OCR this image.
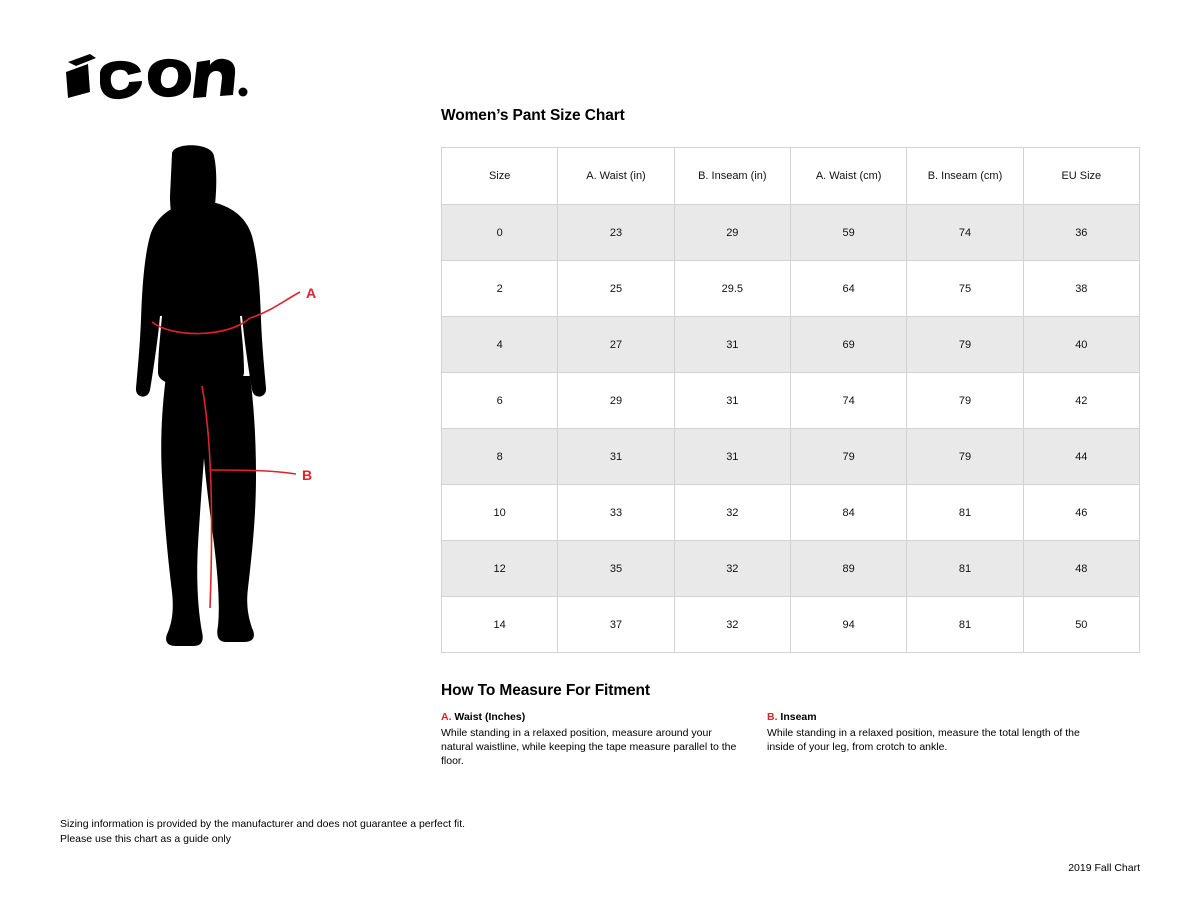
A
B
Women’s Pant Size Chart
Size	A. Waist (in)	B. Inseam (in)	A. Waist (cm)	B. Inseam (cm)	EU Size
0	23	29	59	74	36
2	25	29.5	64	75	38
4	27	31	69	79	40
6	29	31	74	79	42
8	31	31	79	79	44
10	33	32	84	81	46
12	35	32	89	81	48
14	37	32	94	81	50
How To Measure For Fitment
A. Waist (Inches)
While standing in a relaxed position, measure around your natural waistline, while keeping the tape measure parallel to the floor.
B. Inseam
While standing in a relaxed position, measure the total length of the inside of your leg, from crotch to ankle.
Sizing information is provided by the manufacturer and does not guarantee a perfect fit. Please use this chart as a guide only
2019 Fall Chart
